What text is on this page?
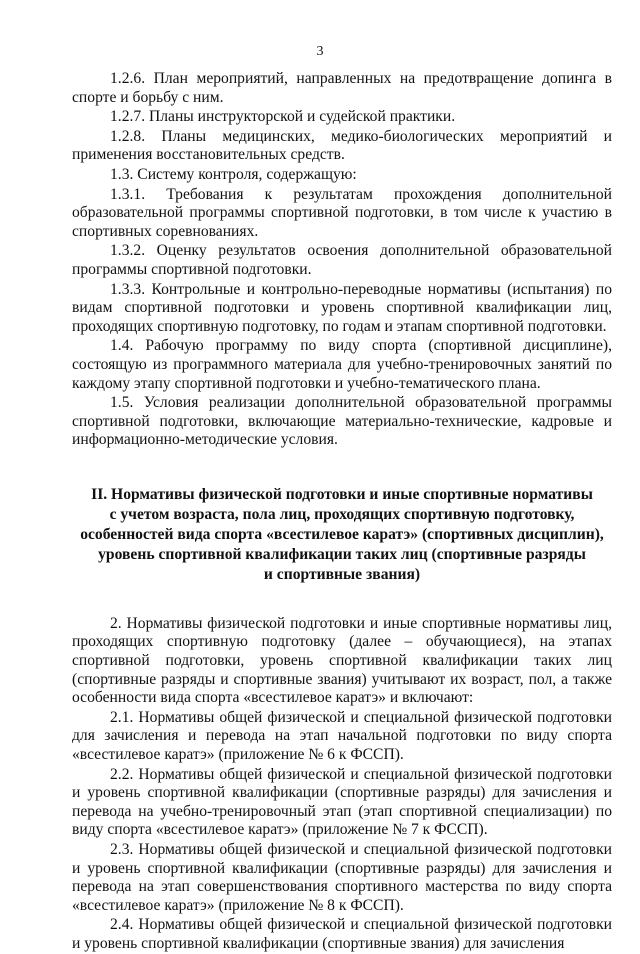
3

1.2.6. План мероприятий, направленных на предотвращение допинга в спорте и борьбу с ним.

1.2.7. Планы инструкторской и судейской практики.

1.2.8. Планы медицинских, медико-биологических мероприятий и применения восстановительных средств.

1.3. Систему контроля, содержащую:

1.3.1. Требования к результатам прохождения дополнительной образовательной программы спортивной подготовки, в том числе к участию в спортивных соревнованиях.

1.3.2. Оценку результатов освоения дополнительной образовательной программы спортивной подготовки.

1.3.3. Контрольные и контрольно-переводные нормативы (испытания) по видам спортивной подготовки и уровень спортивной квалификации лиц, проходящих спортивную подготовку, по годам и этапам спортивной подготовки.

1.4. Рабочую программу по виду спорта (спортивной дисциплине), состоящую из программного материала для учебно-тренировочных занятий по каждому этапу спортивной подготовки и учебно-тематического плана.

1.5. Условия реализации дополнительной образовательной программы спортивной подготовки, включающие материально-технические, кадровые и информационно-методические условия.

II. Нормативы физической подготовки и иные спортивные нормативы
с учетом возраста, пола лиц, проходящих спортивную подготовку,
особенностей вида спорта «всестилевое каратэ» (спортивных дисциплин),
уровень спортивной квалификации таких лиц (спортивные разряды
и спортивные звания)

2. Нормативы физической подготовки и иные спортивные нормативы лиц, проходящих спортивную подготовку (далее – обучающиеся), на этапах спортивной подготовки, уровень спортивной квалификации таких лиц (спортивные разряды и спортивные звания) учитывают их возраст, пол, а также особенности вида спорта «всестилевое каратэ» и включают:

2.1. Нормативы общей физической и специальной физической подготовки для зачисления и перевода на этап начальной подготовки по виду спорта «всестилевое каратэ» (приложение № 6 к ФССП).

2.2. Нормативы общей физической и специальной физической подготовки и уровень спортивной квалификации (спортивные разряды) для зачисления и перевода на учебно-тренировочный этап (этап спортивной специализации) по виду спорта «всестилевое каратэ» (приложение № 7 к ФССП).

2.3. Нормативы общей физической и специальной физической подготовки и уровень спортивной квалификации (спортивные разряды) для зачисления и перевода на этап совершенствования спортивного мастерства по виду спорта «всестилевое каратэ» (приложение № 8 к ФССП).

2.4. Нормативы общей физической и специальной физической подготовки и уровень спортивной квалификации (спортивные звания) для зачисления
